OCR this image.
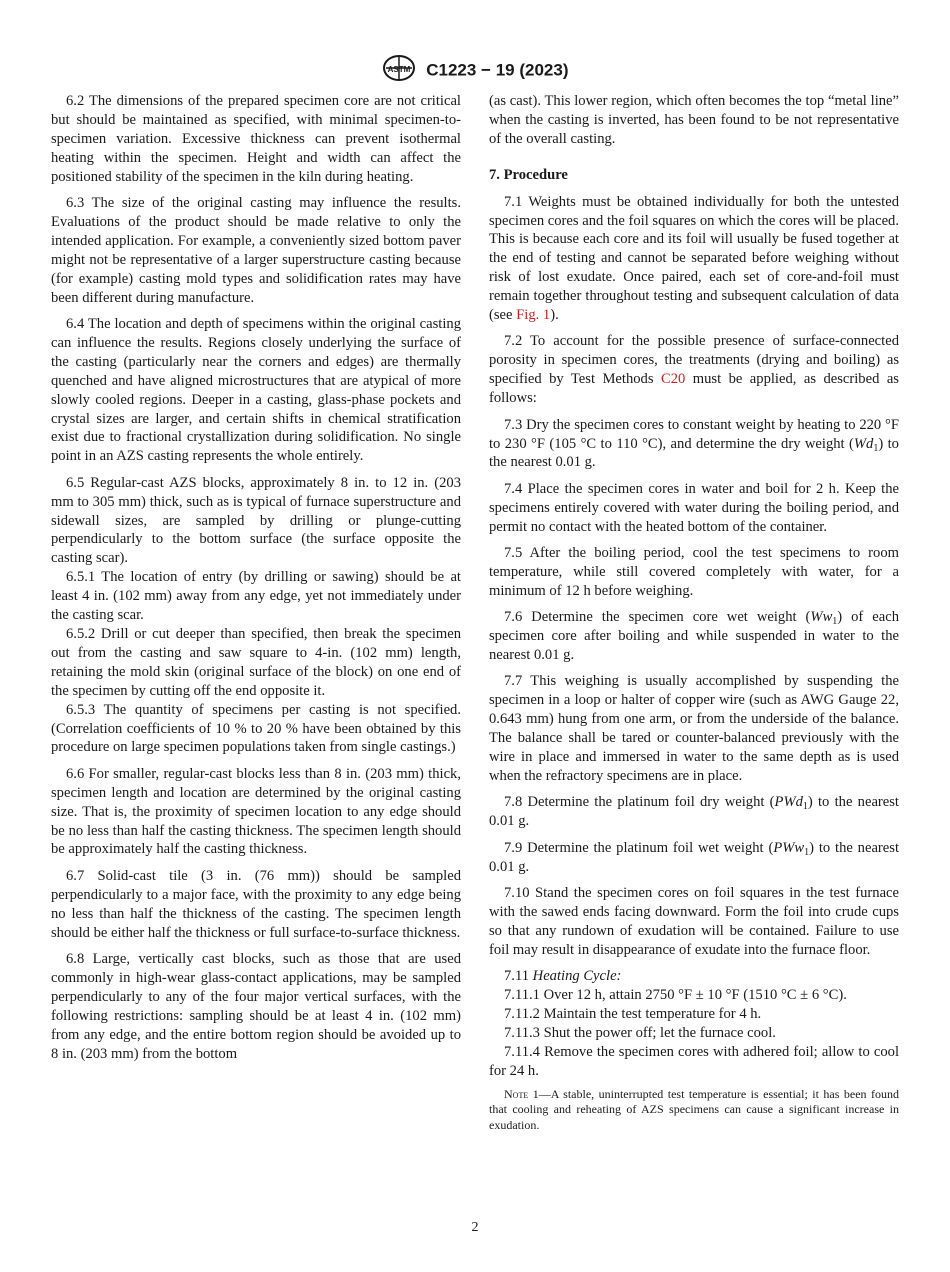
ASTM C1223 − 19 (2023)

6.2 The dimensions of the prepared specimen core are not critical but should be maintained as specified, with minimal specimen-to-specimen variation. Excessive thickness can prevent isothermal heating within the specimen. Height and width can affect the positioned stability of the specimen in the kiln during heating.

6.3 The size of the original casting may influence the results. Evaluations of the product should be made relative to only the intended application. For example, a conveniently sized bottom paver might not be representative of a larger superstructure casting because (for example) casting mold types and solidification rates may have been different during manufacture.

6.4 The location and depth of specimens within the original casting can influence the results. Regions closely underlying the surface of the casting (particularly near the corners and edges) are thermally quenched and have aligned microstructures that are atypical of more slowly cooled regions. Deeper in a casting, glass-phase pockets and crystal sizes are larger, and certain shifts in chemical stratification exist due to fractional crystallization during solidification. No single point in an AZS casting represents the whole entirely.

6.5 Regular-cast AZS blocks, approximately 8 in. to 12 in. (203 mm to 305 mm) thick, such as is typical of furnace superstructure and sidewall sizes, are sampled by drilling or plunge-cutting perpendicularly to the bottom surface (the surface opposite the casting scar).

6.5.1 The location of entry (by drilling or sawing) should be at least 4 in. (102 mm) away from any edge, yet not immediately under the casting scar.

6.5.2 Drill or cut deeper than specified, then break the specimen out from the casting and saw square to 4-in. (102 mm) length, retaining the mold skin (original surface of the block) on one end of the specimen by cutting off the end opposite it.

6.5.3 The quantity of specimens per casting is not specified. (Correlation coefficients of 10 % to 20 % have been obtained by this procedure on large specimen populations taken from single castings.)

6.6 For smaller, regular-cast blocks less than 8 in. (203 mm) thick, specimen length and location are determined by the original casting size. That is, the proximity of specimen location to any edge should be no less than half the casting thickness. The specimen length should be approximately half the casting thickness.

6.7 Solid-cast tile (3 in. (76 mm)) should be sampled perpendicularly to a major face, with the proximity to any edge being no less than half the thickness of the casting. The specimen length should be either half the thickness or full surface-to-surface thickness.

6.8 Large, vertically cast blocks, such as those that are used commonly in high-wear glass-contact applications, may be sampled perpendicularly to any of the four major vertical surfaces, with the following restrictions: sampling should be at least 4 in. (102 mm) from any edge, and the entire bottom region should be avoided up to 8 in. (203 mm) from the bottom

(as cast). This lower region, which often becomes the top “metal line” when the casting is inverted, has been found to be not representative of the overall casting.

7. Procedure

7.1 Weights must be obtained individually for both the untested specimen cores and the foil squares on which the cores will be placed. This is because each core and its foil will usually be fused together at the end of testing and cannot be separated before weighing without risk of lost exudate. Once paired, each set of core-and-foil must remain together throughout testing and subsequent calculation of data (see Fig. 1).

7.2 To account for the possible presence of surface-connected porosity in specimen cores, the treatments (drying and boiling) as specified by Test Methods C20 must be applied, as described as follows:

7.3 Dry the specimen cores to constant weight by heating to 220 °F to 230 °F (105 °C to 110 °C), and determine the dry weight $(Wd_1)$ to the nearest 0.01 g.

7.4 Place the specimen cores in water and boil for 2 h. Keep the specimens entirely covered with water during the boiling period, and permit no contact with the heated bottom of the container.

7.5 After the boiling period, cool the test specimens to room temperature, while still covered completely with water, for a minimum of 12 h before weighing.

7.6 Determine the specimen core wet weight $(Ww_1)$ of each specimen core after boiling and while suspended in water to the nearest 0.01 g.

7.7 This weighing is usually accomplished by suspending the specimen in a loop or halter of copper wire (such as AWG Gauge 22, 0.643 mm) hung from one arm, or from the underside of the balance. The balance shall be tared or counter-balanced previously with the wire in place and immersed in water to the same depth as is used when the refractory specimens are in place.

7.8 Determine the platinum foil dry weight (PWd$_1$) to the nearest 0.01 g.

7.9 Determine the platinum foil wet weight (PWw$_1$) to the nearest 0.01 g.

7.10 Stand the specimen cores on foil squares in the test furnace with the sawed ends facing downward. Form the foil into crude cups so that any rundown of exudation will be contained. Failure to use foil may result in disappearance of exudate into the furnace floor.

7.11 Heating Cycle:

7.11.1 Over 12 h, attain 2750 °F ± 10 °F (1510 °C ± 6 °C).

7.11.2 Maintain the test temperature for 4 h.

7.11.3 Shut the power off; let the furnace cool.

7.11.4 Remove the specimen cores with adhered foil; allow to cool for 24 h.

Note 1—A stable, uninterrupted test temperature is essential; it has been found that cooling and reheating of AZS specimens can cause a significant increase in exudation.

2
